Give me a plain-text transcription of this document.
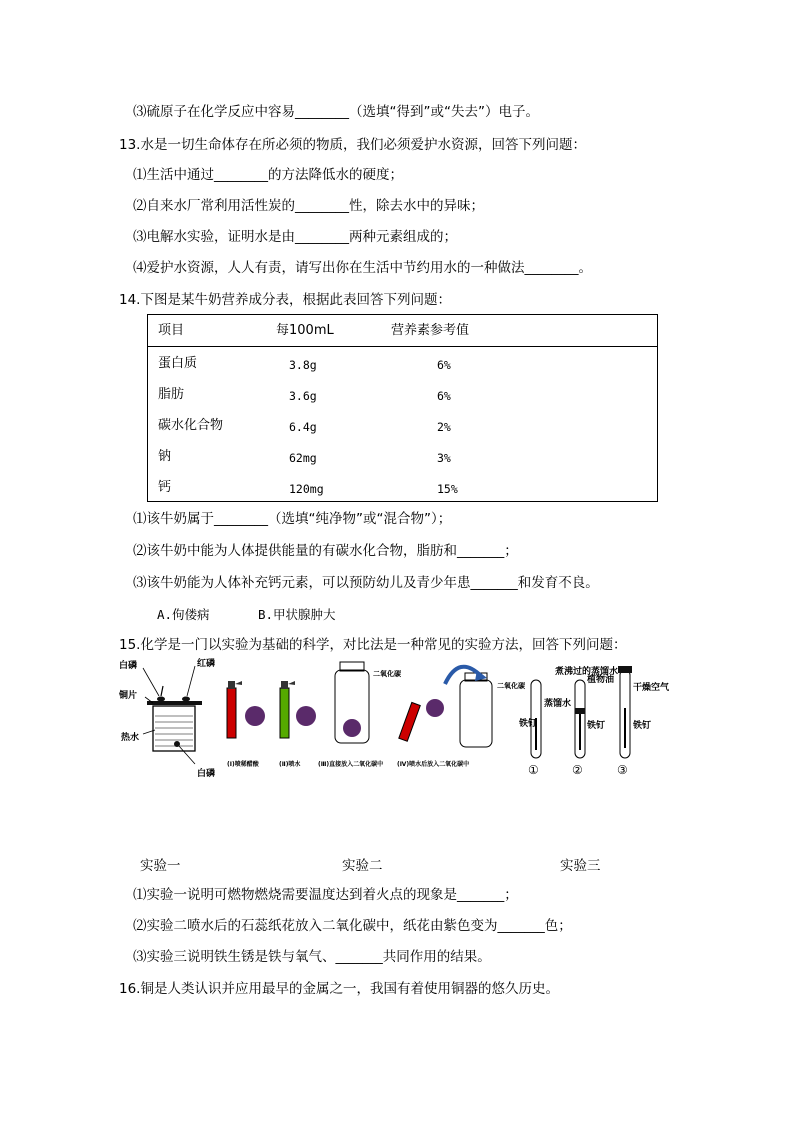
⑶硫原子在化学反应中容易________（选填“得到”或“失去”）电子。
13.水是一切生命体存在所必须的物质，我们必须爱护水资源，回答下列问题：
⑴生活中通过________的方法降低水的硬度；
⑵自来水厂常利用活性炭的________性，除去水中的异味；
⑶电解水实验，证明水是由________两种元素组成的；
⑷爱护水资源，人人有责，请写出你在生活中节约用水的一种做法________。
14.下图是某牛奶营养成分表，根据此表回答下列问题：
项目	每100mL	营养素参考值
蛋白质	3.8g	6%
脂肪	3.6g	6%
碳水化合物	6.4g	2%
钠	62mg	3%
钙	120mg	15%
⑴该牛奶属于________（选填“纯净物”或“混合物”）；
⑵该牛奶中能为人体提供能量的有碳水化合物，脂肪和_______；
⑶该牛奶能为人体补充钙元素，可以预防幼儿及青少年患_______和发育不良。
A.佝偻病	B.甲状腺肿大
15.化学是一门以实验为基础的科学，对比法是一种常见的实验方法，回答下列问题：
白磷	红磷
铜片
热水
白磷
二氧化碳
二氧化碳
(Ⅰ)喷稀醋酸	(Ⅱ)喷水	(Ⅲ)直接放入二氧化碳中 (Ⅳ)喷水后放入二氧化碳中
铁钉
蒸馏水
煮沸过的蒸馏水
植物油
铁钉
干燥空气
铁钉
①	②	③
实验一	实验二	实验三
⑴实验一说明可燃物燃烧需要温度达到着火点的现象是_______；
⑵实验二喷水后的石蕊纸花放入二氧化碳中，纸花由紫色变为_______色；
⑶实验三说明铁生锈是铁与氧气、_______共同作用的结果。
16.铜是人类认识并应用最早的金属之一，我国有着使用铜器的悠久历史。
